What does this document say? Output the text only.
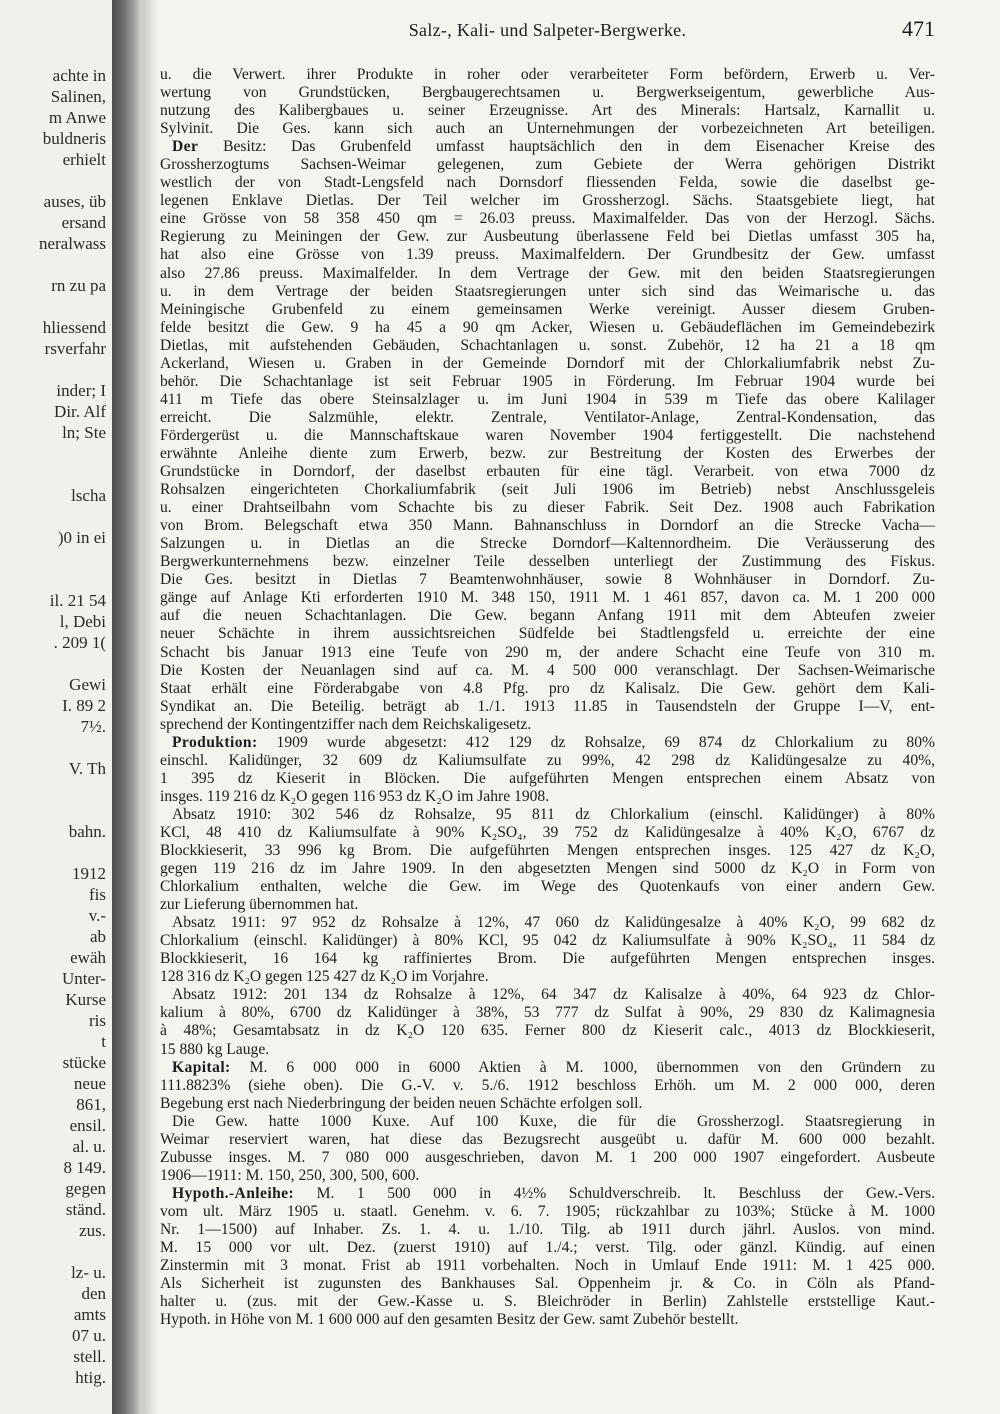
achte in
Salinen,
m Anwe
buldneris
erhielt
auses, üb
ersand
neralwass
rn zu pa
hliessend
rsverfahr
inder; I
Dir. Alf
ln; Ste
lscha
)0 in ei
il. 21 54
l, Debi
. 209 1(
Gewi
I. 89 2
7½.
V. Th
bahn.
1912
fis
v.-
ab
ewäh
Unter-
Kurse
ris
t
stücke
neue
861,
ensil.
al. u.
8 149.
gegen
ständ.
zus.
lz- u.
den
amts
07 u.
stell.
htig.
Salz-, Kali- und Salpeter-Bergwerke.	471
u. die Verwert. ihrer Produkte in roher oder verarbeiteter Form befördern, Erwerb u. Ver-
wertung von Grundstücken, Bergbaugerechtsamen u. Bergwerkseigentum, gewerbliche Aus-
nutzung des Kalibergbaues u. seiner Erzeugnisse. Art des Minerals: Hartsalz, Karnallit u.
Sylvinit. Die Ges. kann sich auch an Unternehmungen der vorbezeichneten Art beteiligen.
Der Besitz: Das Grubenfeld umfasst hauptsächlich den in dem Eisenacher Kreise des
Grossherzogtums Sachsen-Weimar gelegenen, zum Gebiete der Werra gehörigen Distrikt
westlich der von Stadt-Lengsfeld nach Dornsdorf fliessenden Felda, sowie die daselbst ge-
legenen Enklave Dietlas. Der Teil welcher im Grossherzogl. Sächs. Staatsgebiete liegt, hat
eine Grösse von 58 358 450 qm = 26.03 preuss. Maximalfelder. Das von der Herzogl. Sächs.
Regierung zu Meiningen der Gew. zur Ausbeutung überlassene Feld bei Dietlas umfasst 305 ha,
hat also eine Grösse von 1.39 preuss. Maximalfeldern. Der Grundbesitz der Gew. umfasst
also 27.86 preuss. Maximalfelder. In dem Vertrage der Gew. mit den beiden Staatsregierungen
u. in dem Vertrage der beiden Staatsregierungen unter sich sind das Weimarische u. das
Meiningische Grubenfeld zu einem gemeinsamen Werke vereinigt. Ausser diesem Gruben-
felde besitzt die Gew. 9 ha 45 a 90 qm Acker, Wiesen u. Gebäudeflächen im Gemeindebezirk
Dietlas, mit aufstehenden Gebäuden, Schachtanlagen u. sonst. Zubehör, 12 ha 21 a 18 qm
Ackerland, Wiesen u. Graben in der Gemeinde Dorndorf mit der Chlorkaliumfabrik nebst Zu-
behör. Die Schachtanlage ist seit Februar 1905 in Förderung. Im Februar 1904 wurde bei
411 m Tiefe das obere Steinsalzlager u. im Juni 1904 in 539 m Tiefe das obere Kalilager
erreicht. Die Salzmühle, elektr. Zentrale, Ventilator-Anlage, Zentral-Kondensation, das
Fördergerüst u. die Mannschaftskaue waren November 1904 fertiggestellt. Die nachstehend
erwähnte Anleihe diente zum Erwerb, bezw. zur Bestreitung der Kosten des Erwerbes der
Grundstücke in Dorndorf, der daselbst erbauten für eine tägl. Verarbeit. von etwa 7000 dz
Rohsalzen eingerichteten Chorkaliumfabrik (seit Juli 1906 im Betrieb) nebst Anschlussgeleis
u. einer Drahtseilbahn vom Schachte bis zu dieser Fabrik. Seit Dez. 1908 auch Fabrikation
von Brom. Belegschaft etwa 350 Mann. Bahnanschluss in Dorndorf an die Strecke Vacha—
Salzungen u. in Dietlas an die Strecke Dorndorf—Kaltennordheim. Die Veräusserung des
Bergwerkunternehmens bezw. einzelner Teile desselben unterliegt der Zustimmung des Fiskus.
Die Ges. besitzt in Dietlas 7 Beamtenwohnhäuser, sowie 8 Wohnhäuser in Dorndorf. Zu-
gänge auf Anlage Kti erforderten 1910 M. 348 150, 1911 M. 1 461 857, davon ca. M. 1 200 000
auf die neuen Schachtanlagen. Die Gew. begann Anfang 1911 mit dem Abteufen zweier
neuer Schächte in ihrem aussichtsreichen Südfelde bei Stadtlengsfeld u. erreichte der eine
Schacht bis Januar 1913 eine Teufe von 290 m, der andere Schacht eine Teufe von 310 m.
Die Kosten der Neuanlagen sind auf ca. M. 4 500 000 veranschlagt. Der Sachsen-Weimarische
Staat erhält eine Förderabgabe von 4.8 Pfg. pro dz Kalisalz. Die Gew. gehört dem Kali-
Syndikat an. Die Beteilig. beträgt ab 1./1. 1913 11.85 in Tausendsteln der Gruppe I—V, ent-
sprechend der Kontingentziffer nach dem Reichskaligesetz.
Produktion: 1909 wurde abgesetzt: 412 129 dz Rohsalze, 69 874 dz Chlorkalium zu 80%
einschl. Kalidünger, 32 609 dz Kaliumsulfate zu 99%, 42 298 dz Kalidüngesalze zu 40%,
1 395 dz Kieserit in Blöcken. Die aufgeführten Mengen entsprechen einem Absatz von
insges. 119 216 dz K₂O gegen 116 953 dz K₂O im Jahre 1908.
Absatz 1910: 302 546 dz Rohsalze, 95 811 dz Chlorkalium (einschl. Kalidünger) à 80%
KCl, 48 410 dz Kaliumsulfate à 90% K₂SO₄, 39 752 dz Kalidüngesalze à 40% K₂O, 6767 dz
Blockkieserit, 33 996 kg Brom. Die aufgeführten Mengen entsprechen insges. 125 427 dz K₂O,
gegen 119 216 dz im Jahre 1909. In den abgesetzten Mengen sind 5000 dz K₂O in Form von
Chlorkalium enthalten, welche die Gew. im Wege des Quotenkaufs von einer andern Gew.
zur Lieferung übernommen hat.
Absatz 1911: 97 952 dz Rohsalze à 12%, 47 060 dz Kalidüngesalze à 40% K₂O, 99 682 dz
Chlorkalium (einschl. Kalidünger) à 80% KCl, 95 042 dz Kaliumsulfate à 90% K₂SO₄, 11 584 dz
Blockkieserit, 16 164 kg raffiniertes Brom. Die aufgeführten Mengen entsprechen insges.
128 316 dz K₂O gegen 125 427 dz K₂O im Vorjahre.
Absatz 1912: 201 134 dz Rohsalze à 12%, 64 347 dz Kalisalze à 40%, 64 923 dz Chlor-
kalium à 80%, 6700 dz Kalidünger à 38%, 53 777 dz Sulfat à 90%, 29 830 dz Kalimagnesia
à 48%; Gesamtabsatz in dz K₂O 120 635. Ferner 800 dz Kieserit calc., 4013 dz Blockkieserit,
15 880 kg Lauge.
Kapital: M. 6 000 000 in 6000 Aktien à M. 1000, übernommen von den Gründern zu
111.8823% (siehe oben). Die G.-V. v. 5./6. 1912 beschloss Erhöh. um M. 2 000 000, deren
Begebung erst nach Niederbringung der beiden neuen Schächte erfolgen soll.
Die Gew. hatte 1000 Kuxe. Auf 100 Kuxe, die für die Grossherzogl. Staatsregierung in
Weimar reserviert waren, hat diese das Bezugsrecht ausgeübt u. dafür M. 600 000 bezahlt.
Zubusse insges. M. 7 080 000 ausgeschrieben, davon M. 1 200 000 1907 eingefordert. Ausbeute
1906—1911: M. 150, 250, 300, 500, 600.
Hypoth.-Anleihe: M. 1 500 000 in 4½% Schuldverschreib. lt. Beschluss der Gew.-Vers.
vom ult. März 1905 u. staatl. Genehm. v. 6. 7. 1905; rückzahlbar zu 103%; Stücke à M. 1000
Nr. 1—1500) auf Inhaber. Zs. 1. 4. u. 1./10. Tilg. ab 1911 durch jährl. Auslos. von mind.
M. 15 000 vor ult. Dez. (zuerst 1910) auf 1./4.; verst. Tilg. oder gänzl. Kündig. auf einen
Zinstermin mit 3 monat. Frist ab 1911 vorbehalten. Noch in Umlauf Ende 1911: M. 1 425 000.
Als Sicherheit ist zugunsten des Bankhauses Sal. Oppenheim jr. & Co. in Cöln als Pfand-
halter u. (zus. mit der Gew.-Kasse u. S. Bleichröder in Berlin) Zahlstelle erststellige Kaut.-
Hypoth. in Höhe von M. 1 600 000 auf den gesamten Besitz der Gew. samt Zubehör bestellt.
